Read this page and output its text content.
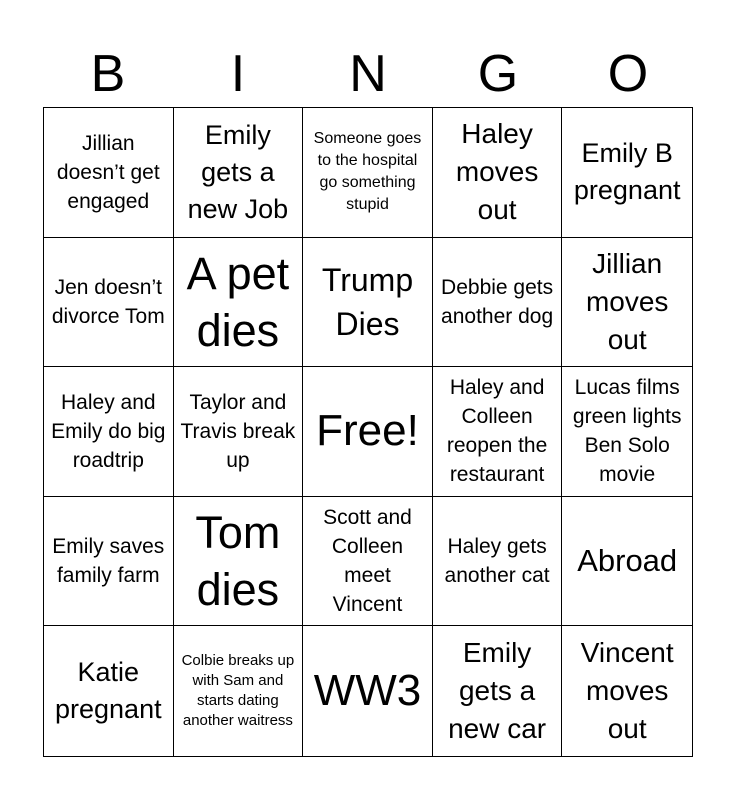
B	I	N	G	O
Jillian doesn’t get engaged
Emily gets a new Job
Someone goes to the hospital go something stupid
Haley moves out
Emily B pregnant
Jen doesn’t divorce Tom
A pet dies
Trump Dies
Debbie gets another dog
Jillian moves out
Haley and Emily do big roadtrip
Taylor and Travis break up
Free!
Haley and Colleen reopen the restaurant
Lucas films green lights Ben Solo movie
Emily saves family farm
Tom dies
Scott and Colleen meet Vincent
Haley gets another cat Abroad
Katie pregnant
Colbie breaks up with Sam and starts dating another waitress
WW3
Emily gets a new car
Vincent moves out
